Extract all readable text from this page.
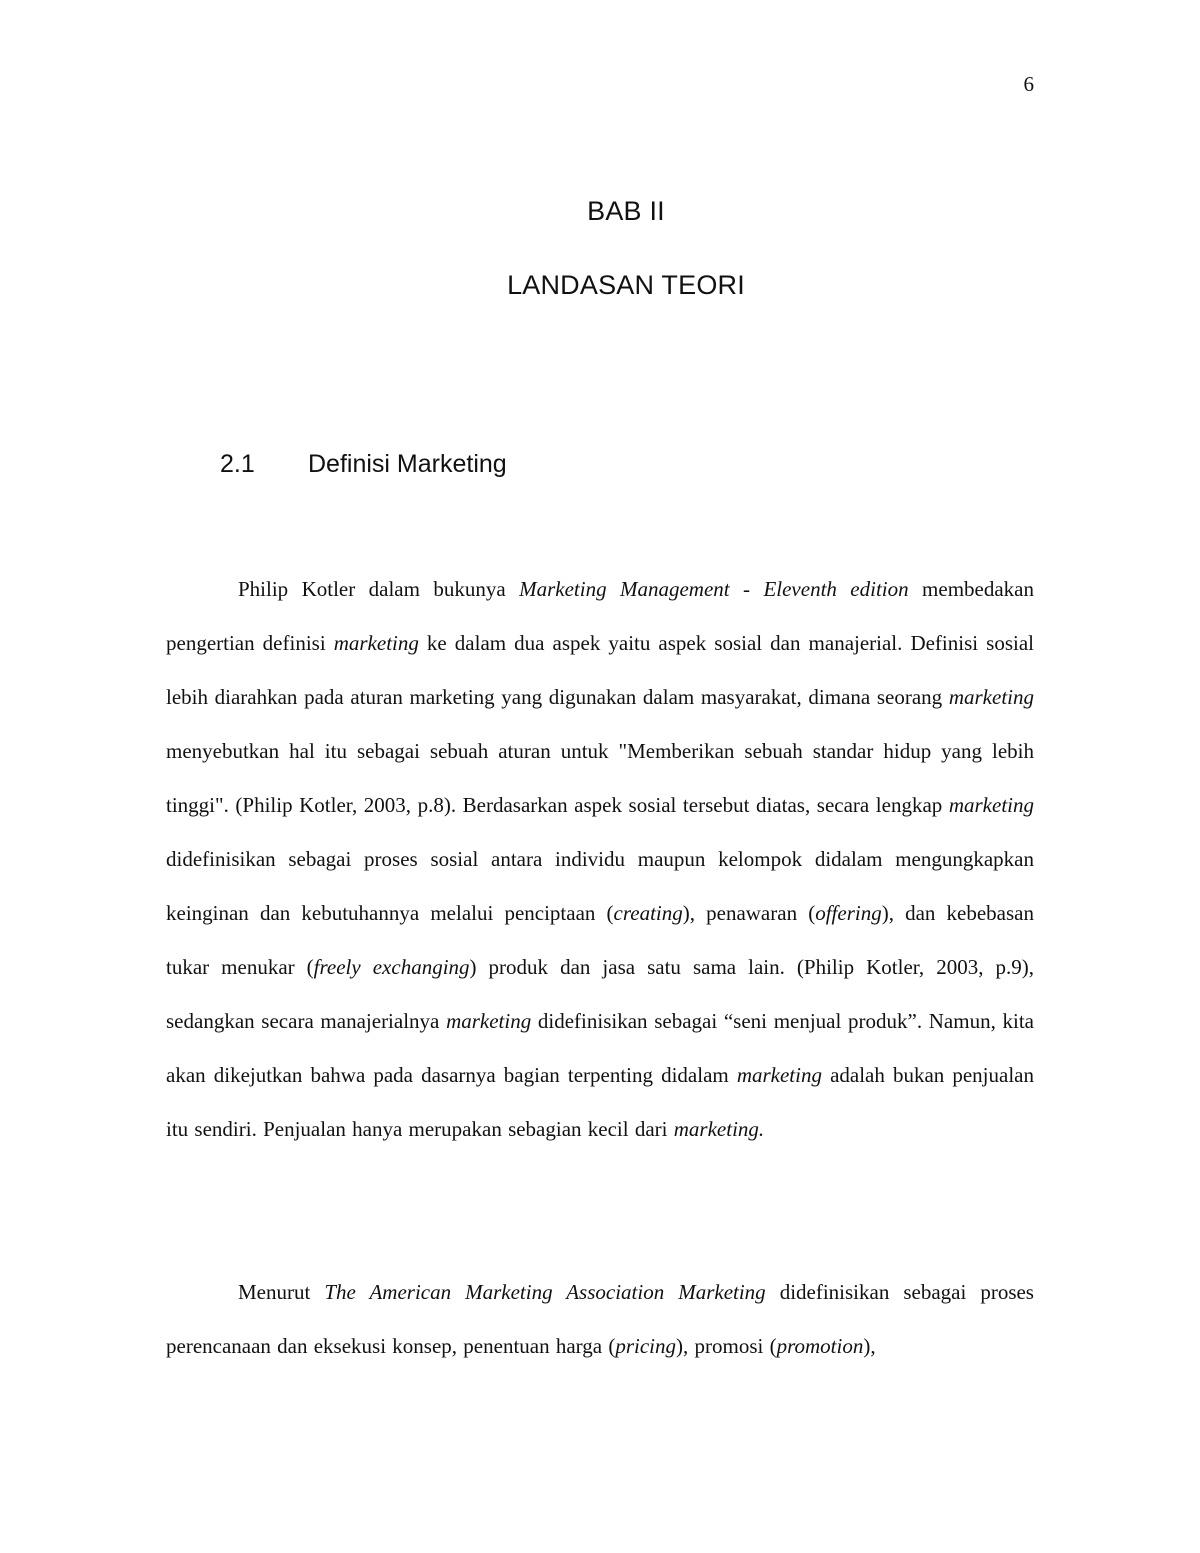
6
BAB II
LANDASAN TEORI
2.1 Definisi Marketing

Philip Kotler dalam bukunya Marketing Management - Eleventh edition membedakan pengertian definisi marketing ke dalam dua aspek yaitu aspek sosial dan manajerial. Definisi sosial lebih diarahkan pada aturan marketing yang digunakan dalam masyarakat, dimana seorang marketing menyebutkan hal itu sebagai sebuah aturan untuk "Memberikan sebuah standar hidup yang lebih tinggi". (Philip Kotler, 2003, p.8). Berdasarkan aspek sosial tersebut diatas, secara lengkap marketing didefinisikan sebagai proses sosial antara individu maupun kelompok didalam mengungkapkan keinginan dan kebutuhannya melalui penciptaan (creating), penawaran (offering), dan kebebasan tukar menukar (freely exchanging) produk dan jasa satu sama lain. (Philip Kotler, 2003, p.9), sedangkan secara manajerialnya marketing didefinisikan sebagai “seni menjual produk”. Namun, kita akan dikejutkan bahwa pada dasarnya bagian terpenting didalam marketing adalah bukan penjualan itu sendiri. Penjualan hanya merupakan sebagian kecil dari marketing.

Menurut The American Marketing Association Marketing didefinisikan sebagai proses perencanaan dan eksekusi konsep, penentuan harga (pricing), promosi (promotion),
